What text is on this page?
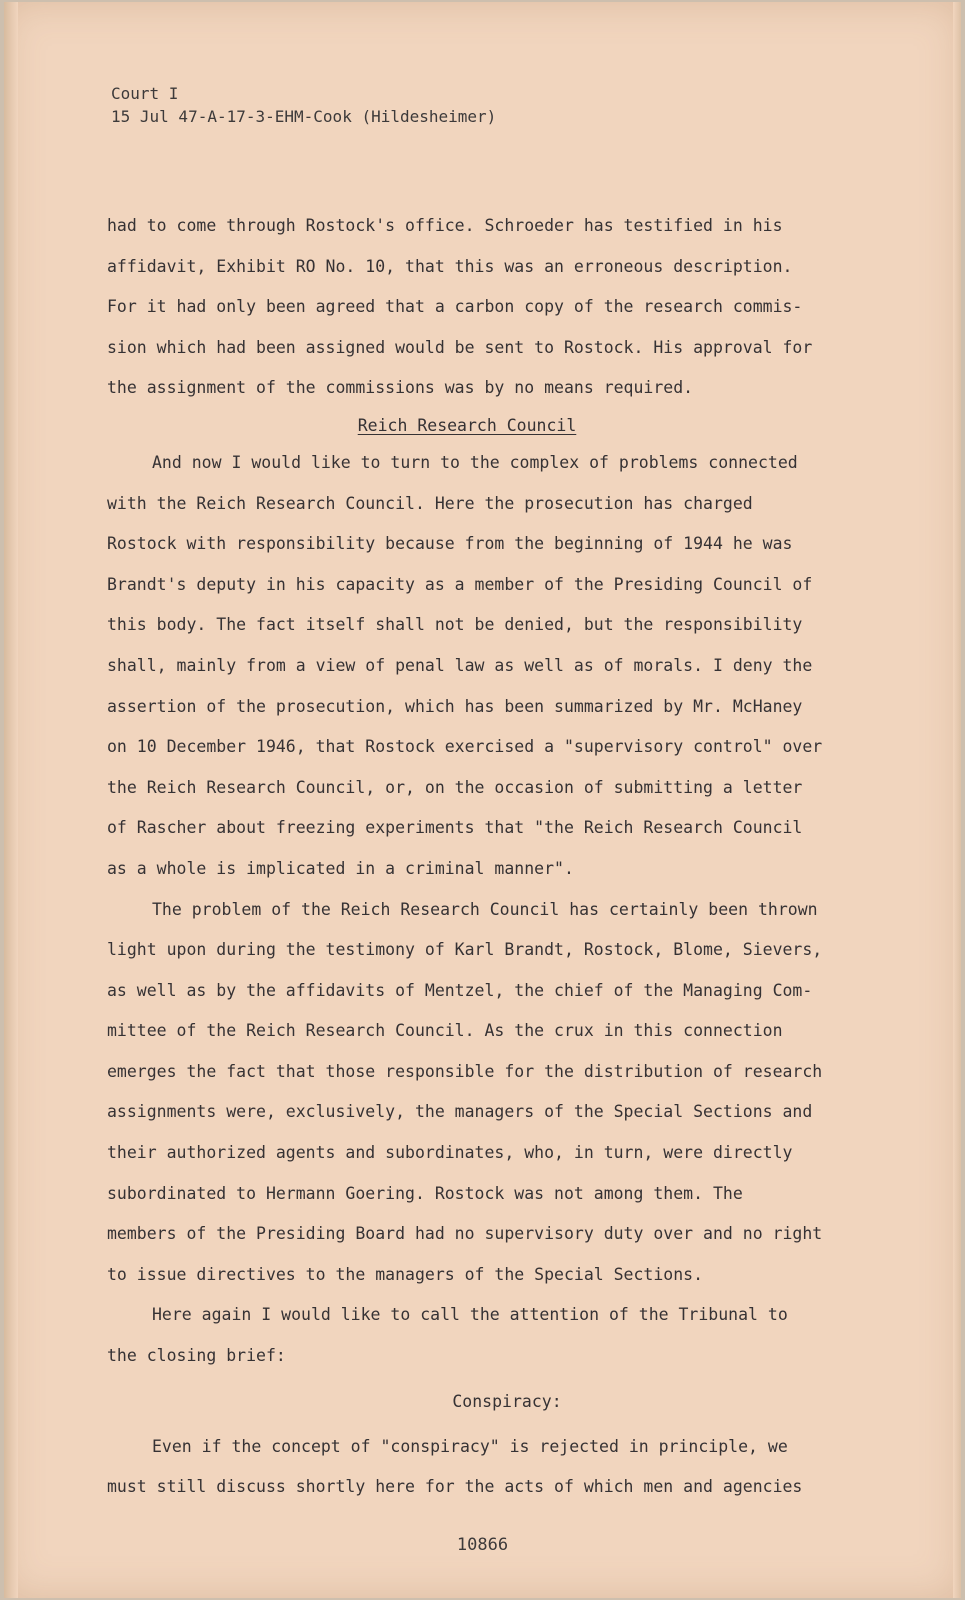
Court I
15 Jul 47-A-17-3-EHM-Cook (Hildesheimer)

had to come through Rostock's office. Schroeder has testified in his

affidavit, Exhibit RO No. 10, that this was an erroneous description.

For it had only been agreed that a carbon copy of the research commis-

sion which had been assigned would be sent to Rostock. His approval for

the assignment of the commissions was by no means required.

Reich Research Council

And now I would like to turn to the complex of problems connected

with the Reich Research Council. Here the prosecution has charged

Rostock with responsibility because from the beginning of 1944 he was

Brandt's deputy in his capacity as a member of the Presiding Council of

this body. The fact itself shall not be denied, but the responsibility

shall, mainly from a view of penal law as well as of morals. I deny the

assertion of the prosecution, which has been summarized by Mr. McHaney

on 10 December 1946, that Rostock exercised a "supervisory control" over

the Reich Research Council, or, on the occasion of submitting a letter

of Rascher about freezing experiments that "the Reich Research Council

as a whole is implicated in a criminal manner".

The problem of the Reich Research Council has certainly been thrown

light upon during the testimony of Karl Brandt, Rostock, Blome, Sievers,

as well as by the affidavits of Mentzel, the chief of the Managing Com-

mittee of the Reich Research Council. As the crux in this connection

emerges the fact that those responsible for the distribution of research

assignments were, exclusively, the managers of the Special Sections and

their authorized agents and subordinates, who, in turn, were directly

subordinated to Hermann Goering. Rostock was not among them. The

members of the Presiding Board had no supervisory duty over and no right

to issue directives to the managers of the Special Sections.

Here again I would like to call the attention of the Tribunal to

the closing brief:

Conspiracy:

Even if the concept of "conspiracy" is rejected in principle, we

must still discuss shortly here for the acts of which men and agencies

10866
